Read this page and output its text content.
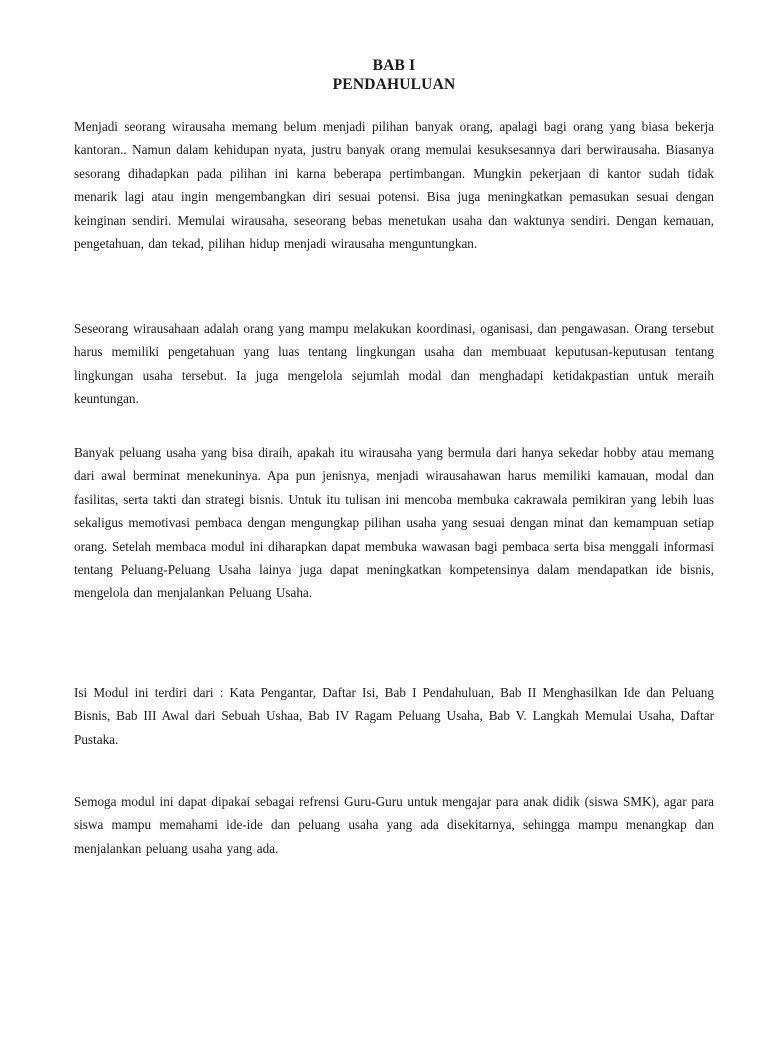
BAB I
PENDAHULUAN

Menjadi seorang wirausaha memang belum menjadi pilihan banyak orang, apalagi bagi orang yang biasa bekerja kantoran.. Namun dalam kehidupan nyata, justru banyak orang memulai kesuksesannya dari berwirausaha. Biasanya sesorang dihadapkan pada pilihan ini karna beberapa pertimbangan. Mungkin pekerjaan di kantor sudah tidak menarik lagi atau ingin mengembangkan diri sesuai potensi. Bisa juga meningkatkan pemasukan sesuai dengan keinginan sendiri. Memulai wirausaha, seseorang bebas menetukan usaha dan waktunya sendiri. Dengan kemauan, pengetahuan, dan tekad, pilihan hidup menjadi wirausaha menguntungkan.

Seseorang wirausahaan adalah orang yang mampu melakukan koordinasi, oganisasi, dan pengawasan. Orang tersebut harus memiliki pengetahuan yang luas tentang lingkungan usaha dan membuaat keputusan-keputusan tentang lingkungan usaha tersebut. Ia juga mengelola sejumlah modal dan menghadapi ketidakpastian untuk meraih keuntungan.

Banyak peluang usaha yang bisa diraih, apakah itu wirausaha yang bermula dari hanya sekedar hobby atau memang dari awal berminat menekuninya. Apa pun jenisnya, menjadi wirausahawan harus memiliki kamauan, modal dan fasilitas, serta takti dan strategi bisnis. Untuk itu tulisan ini mencoba membuka cakrawala pemikiran yang lebih luas sekaligus memotivasi pembaca dengan mengungkap pilihan usaha yang sesuai dengan minat dan kemampuan setiap orang. Setelah membaca modul ini diharapkan dapat membuka wawasan bagi pembaca serta bisa menggali informasi tentang Peluang-Peluang Usaha lainya juga dapat meningkatkan kompetensinya dalam mendapatkan ide bisnis, mengelola dan menjalankan Peluang Usaha.

Isi Modul ini terdiri dari : Kata Pengantar, Daftar Isi, Bab I Pendahuluan, Bab II Menghasilkan Ide dan Peluang Bisnis, Bab III Awal dari Sebuah Ushaa, Bab IV Ragam Peluang Usaha, Bab V. Langkah Memulai Usaha, Daftar Pustaka.

Semoga modul ini dapat dipakai sebagai refrensi Guru-Guru untuk mengajar para anak didik (siswa SMK), agar para siswa mampu memahami ide-ide dan peluang usaha yang ada disekitarnya, sehingga mampu menangkap dan menjalankan peluang usaha yang ada.
